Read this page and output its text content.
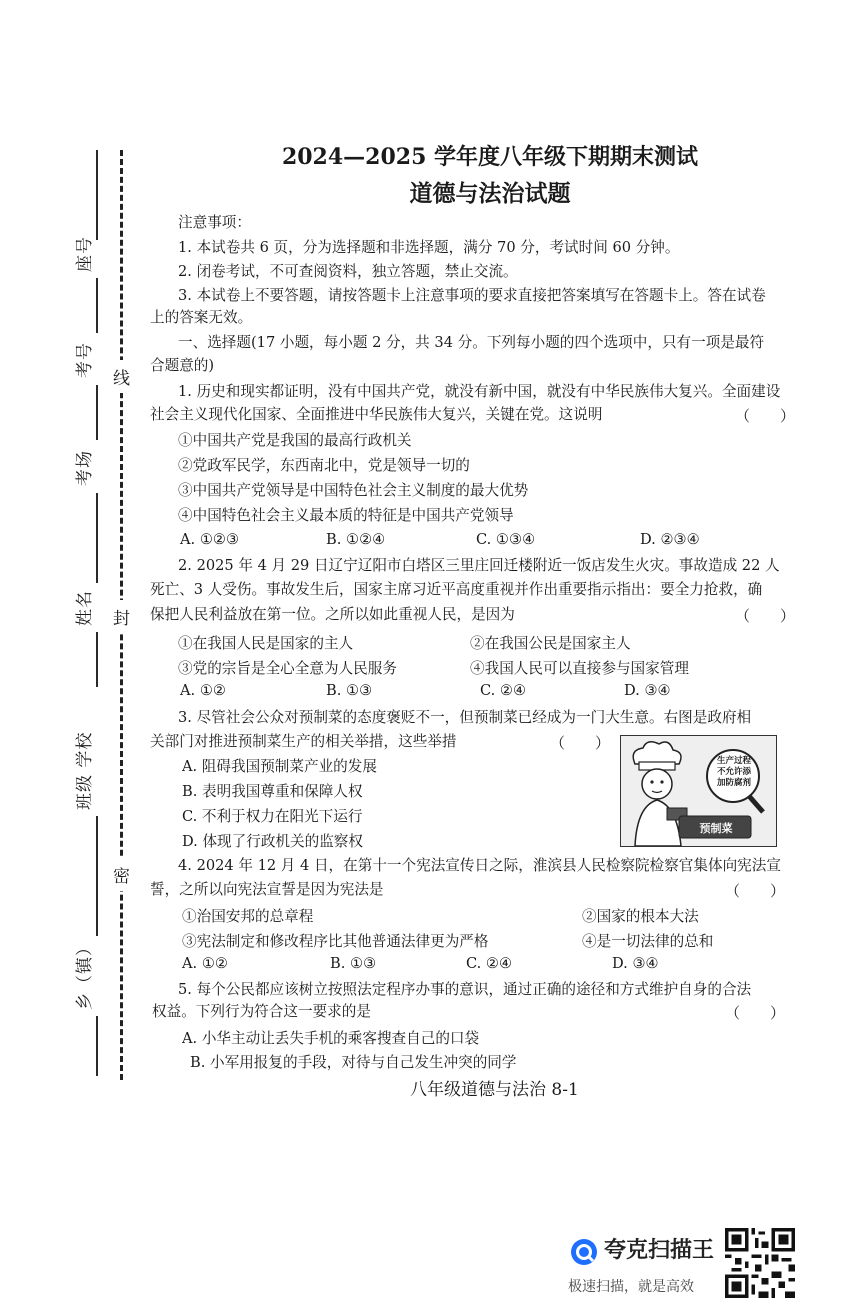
座号
考号
考场
姓名
班级 学校
乡（镇）
线
封
密
2024—2025 学年度八年级下期期末测试
道德与法治试题
注意事项：
1. 本试卷共 6 页，分为选择题和非选择题，满分 70 分，考试时间 60 分钟。
2. 闭卷考试，不可查阅资料，独立答题，禁止交流。
3. 本试卷上不要答题，请按答题卡上注意事项的要求直接把答案填写在答题卡上。答在试卷
上的答案无效。
一、选择题(17 小题，每小题 2 分，共 34 分。下列每小题的四个选项中，只有一项是最符
合题意的)
1. 历史和现实都证明，没有中国共产党，就没有新中国，就没有中华民族伟大复兴。全面建设
社会主义现代化国家、全面推进中华民族伟大复兴，关键在党。这说明	（　　）
①中国共产党是我国的最高行政机关
②党政军民学，东西南北中，党是领导一切的
③中国共产党领导是中国特色社会主义制度的最大优势
④中国特色社会主义最本质的特征是中国共产党领导
A. ①②③	B. ①②④	C. ①③④	D. ②③④
2. 2025 年 4 月 29 日辽宁辽阳市白塔区三里庄回迁楼附近一饭店发生火灾。事故造成 22 人
死亡、3 人受伤。事故发生后，国家主席习近平高度重视并作出重要指示指出：要全力抢救，确
保把人民利益放在第一位。之所以如此重视人民，是因为	（　　）
①在我国人民是国家的主人	②在我国公民是国家主人
③党的宗旨是全心全意为人民服务	④我国人民可以直接参与国家管理
A. ①②	B. ①③	C. ②④	D. ③④
3. 尽管社会公众对预制菜的态度褒贬不一，但预制菜已经成为一门大生意。右图是政府相
关部门对推进预制菜生产的相关举措，这些举措	（　　）
A. 阻碍我国预制菜产业的发展
B. 表明我国尊重和保障人权
C. 不利于权力在阳光下运行
D. 体现了行政机关的监察权
生产过程不允许添加防腐剂
预制菜
4. 2024 年 12 月 4 日，在第十一个宪法宣传日之际，淮滨县人民检察院检察官集体向宪法宣
誓，之所以向宪法宣誓是因为宪法是	（　　）
①治国安邦的总章程	②国家的根本大法
③宪法制定和修改程序比其他普通法律更为严格	④是一切法律的总和
A. ①②	B. ①③	C. ②④	D. ③④
5. 每个公民都应该树立按照法定程序办事的意识，通过正确的途径和方式维护自身的合法
权益。下列行为符合这一要求的是	（　　）
A. 小华主动让丢失手机的乘客搜查自己的口袋
B. 小军用报复的手段，对待与自己发生冲突的同学
八年级道德与法治 8-1
夸克扫描王
极速扫描，就是高效
